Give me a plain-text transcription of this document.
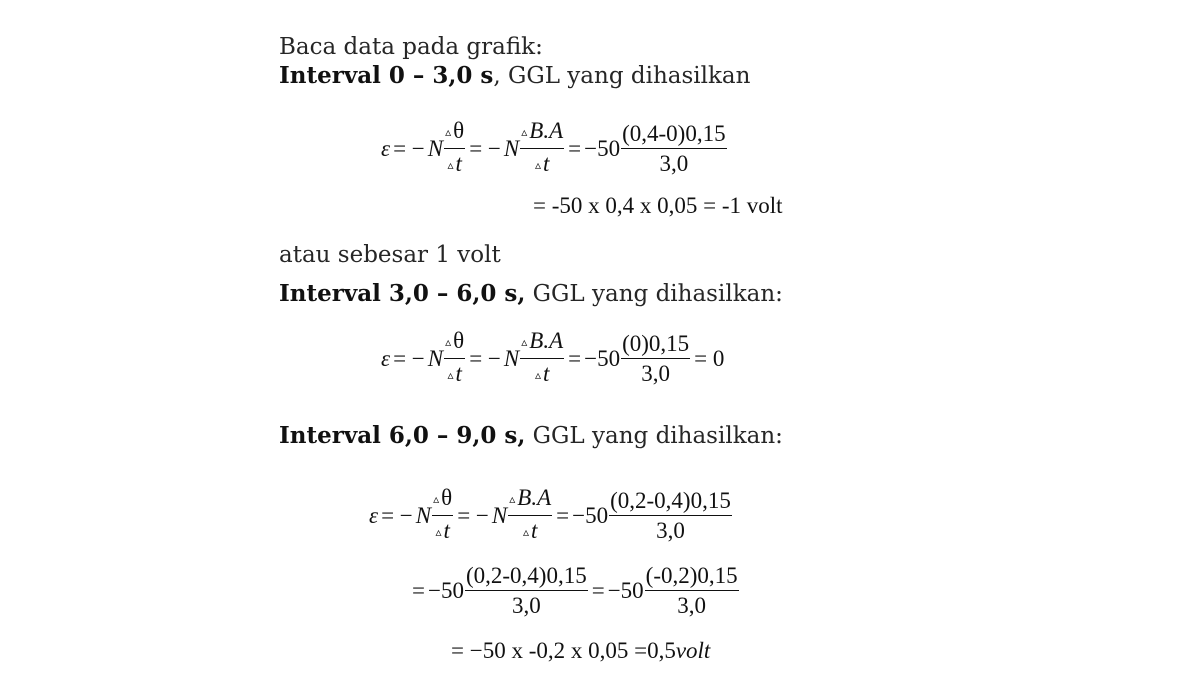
Baca data pada grafik:
Interval 0 – 3,0 s, GGL yang dihasilkan
ε = − N $\frac{▵\theta}{▵t}$ = − N $\frac{▵B.A}{▵t} = -50 \frac{(0,4-0)0,15}{3,0}$
= -50 x 0,4 x 0,05 = -1 volt
atau sebesar 1 volt
Interval 3,0 – 6,0 s, GGL yang dihasilkan:
ε = − N $\frac{▵\theta}{▵t}$ = − N $\frac{▵B.A}{▵t} = -50 \frac{(0)0,15}{3,0} = 0$
Interval 6,0 – 9,0 s, GGL yang dihasilkan:
ε = − N $\frac{▵\theta}{▵t}$ = − N $\frac{▵B.A}{▵t} = -50 \frac{(0,2-0,4)0,15}{3,0}$
= $-50 \frac{(0,2-0,4)0,15}{3,0} = -50 \frac{(-0,2)0,15}{3,0}$
= −50 x -0,2 x 0,05 =0,5 volt
